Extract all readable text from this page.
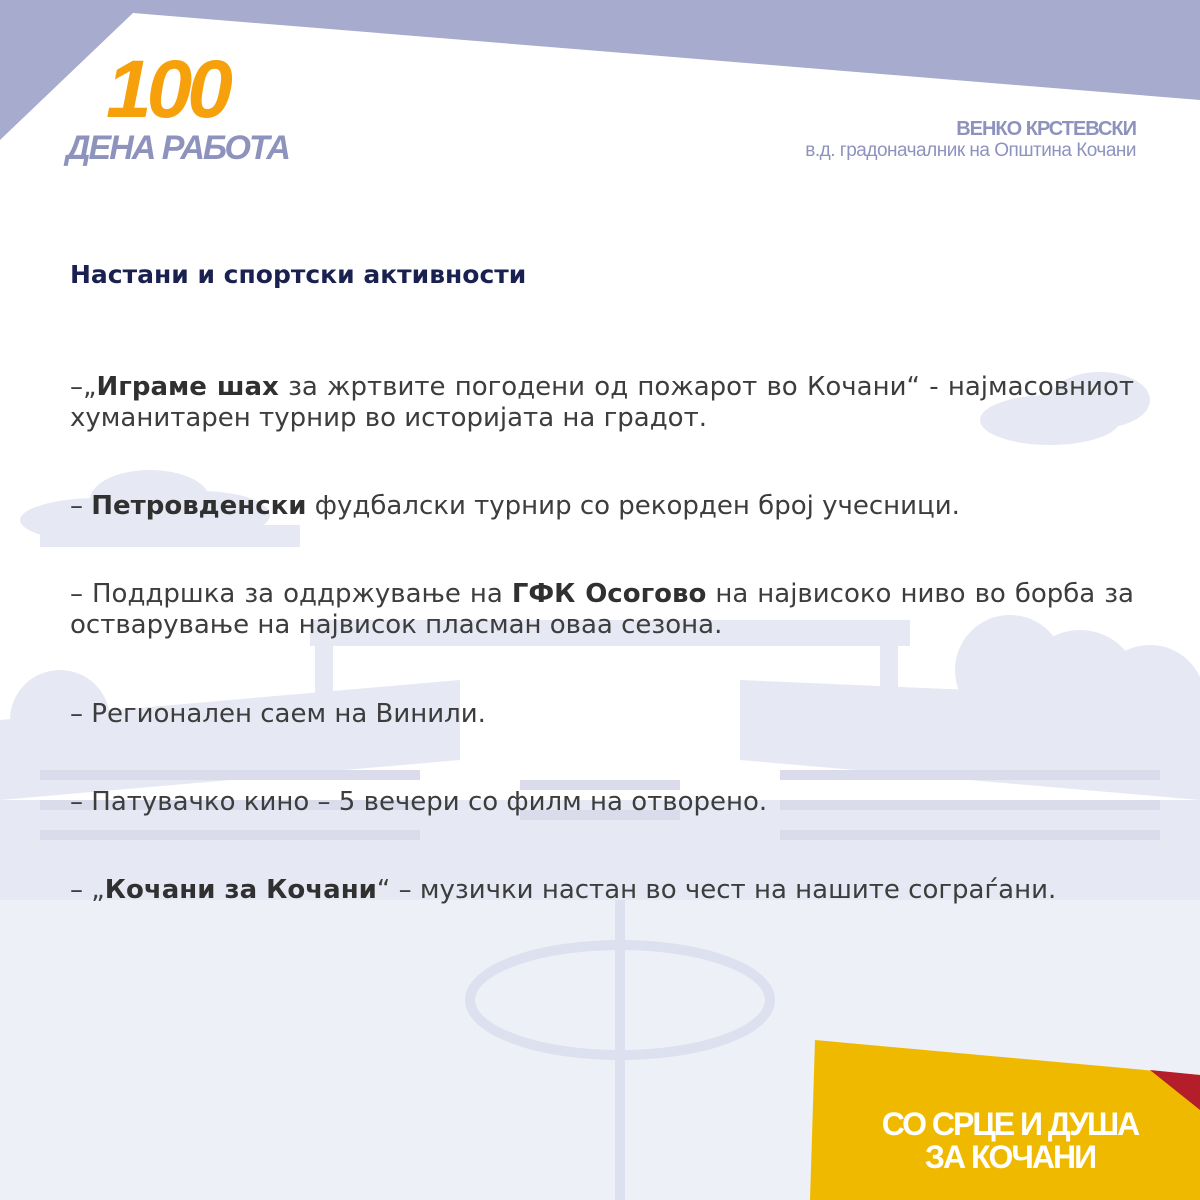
100
ДЕНА РАБОТА	ВЕНКО КРСТЕВСКИ
в.д. градоначалник на Општина Кочани
Настани и спортски активности

–„Играме шах за жртвите погодени од пожарот во Кочани“ - најмасовниот хуманитарен турнир во историјата на градот.

– Петровденски фудбалски турнир со рекорден број учесници.

– Поддршка за оддржување на ГФК Осогово на највисоко ниво во борба за остварување на највисок пласман оваа сезона.

– Регионален саем на Винили.

– Патувачко кино – 5 вечери со филм на отворено.

– „Кочани за Кочани“ – музички настан во чест на нашите сограѓани.

СО СРЦЕ И ДУША
ЗА КОЧАНИ
